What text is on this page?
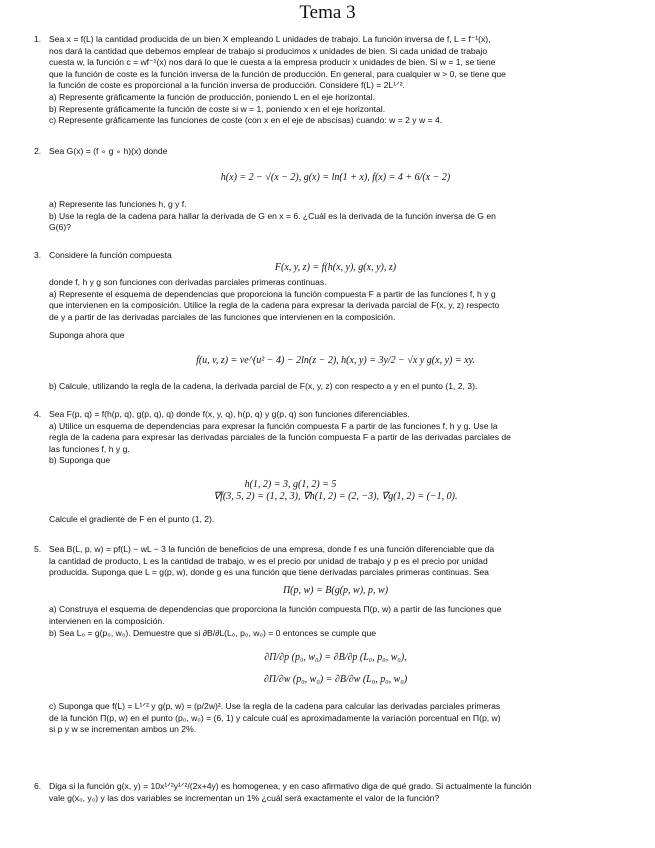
Tema 3
1. Sea x = f(L) la cantidad producida de un bien X empleando L unidades de trabajo. La función inversa de f, L = f⁻¹(x),

nos dará la cantidad que debemos emplear de trabajo si producimos x unidades de bien. Si cada unidad de trabajo

cuesta w, la función c = wf⁻¹(x) nos dará lo que le cuesta a la empresa producir x unidades de bien. Si w = 1, se tiene

que la función de coste es la función inversa de la función de producción. En general, para cualquier w > 0, se tiene que

la función de coste es proporcional a la función inversa de producción. Considere f(L) = 2L¹ᐟ².

a) Represente gráficamente la función de producción, poniendo L en el eje horizontal.

b) Represente gráficamente la función de coste si w = 1, poniendo x en el eje horizontal.

c) Represente gráficamente las funciones de coste (con x en el eje de abscisas) cuando: w = 2 y w = 4.

2. Sea G(x) = (f ∘ g ∘ h)(x) donde

h(x) = 2 − √(x − 2), g(x) = ln(1 + x), f(x) = 4 + 6/(x − 2)

a) Represente las funciones h, g y f.

b) Use la regla de la cadena para hallar la derivada de G en x = 6. ¿Cuál es la derivada de la función inversa de G en

G(6)?

3. Considere la función compuesta

F(x, y, z) = f(h(x, y), g(x, y), z)

donde f, h y g son funciones con derivadas parciales primeras continuas.

a) Represente el esquema de dependencias que proporciona la función compuesta F a partir de las funciones f, h y g

que intervienen en la composición. Utilice la regla de la cadena para expresar la derivada parcial de F(x, y, z) respecto

de y a partir de las derivadas parciales de las funciones que intervienen en la composición.

Suponga ahora que

f(u, v, z) = ve^(u² − 4) − 2ln(z − 2), h(x, y) = 3y/2 − √x y g(x, y) = xy.

b) Calcule, utilizando la regla de la cadena, la derivada parcial de F(x, y, z) con respecto a y en el punto (1, 2, 3).

4. Sea F(p, q) = f(h(p, q), g(p, q), q) donde f(x, y, q), h(p, q) y g(p, q) son funciones diferenciables.

a) Utilice un esquema de dependencias para expresar la función compuesta F a partir de las funciones f, h y g. Use la

regla de la cadena para expresar las derivadas parciales de la función compuesta F a partir de las derivadas parciales de

las funciones f, h y g.

b) Suponga que

h(1, 2) = 3, g(1, 2) = 5

∇f(3, 5, 2) = (1, 2, 3), ∇h(1, 2) = (2, −3), ∇g(1, 2) = (−1, 0).

Calcule el gradiente de F en el punto (1, 2).

5. Sea B(L, p, w) = pf(L) − wL − 3 la función de beneficios de una empresa, donde f es una función diferenciable que da

la cantidad de producto, L es la cantidad de trabajo, w es el precio por unidad de trabajo y p es el precio por unidad

producida. Suponga que L = g(p, w), donde g es una función que tiene derivadas parciales primeras continuas. Sea

Π(p, w) = B(g(p, w), p, w)

a) Construya el esquema de dependencias que proporciona la función compuesta Π(p, w) a partir de las funciones que

intervienen en la composición.

b) Sea L₀ = g(p₀, w₀). Demuestre que si ∂B/∂L(L₀, p₀, w₀) = 0 entonces se cumple que

∂Π/∂p (p₀, w₀) = ∂B/∂p (L₀, p₀, w₀),

∂Π/∂w (p₀, w₀) = ∂B/∂w (L₀, p₀, w₀)

c) Suponga que f(L) = L¹ᐟ² y g(p, w) = (p/2w)². Use la regla de la cadena para calcular las derivadas parciales primeras

de la función Π(p, w) en el punto (p₀, w₀) = (6, 1) y calcule cuál es aproximadamente la variación porcentual en Π(p, w)

si p y w se incrementan ambos un 2%.

6. Diga si la función g(x, y) = 10x¹ᐟ²y¹ᐟ²/(2x+4y) es homogenea, y en caso afirmativo diga de qué grado. Si actualmente la función

vale g(x₀, y₀) y las dos variables se incrementan un 1% ¿cuál será exactamente el valor de la función?
